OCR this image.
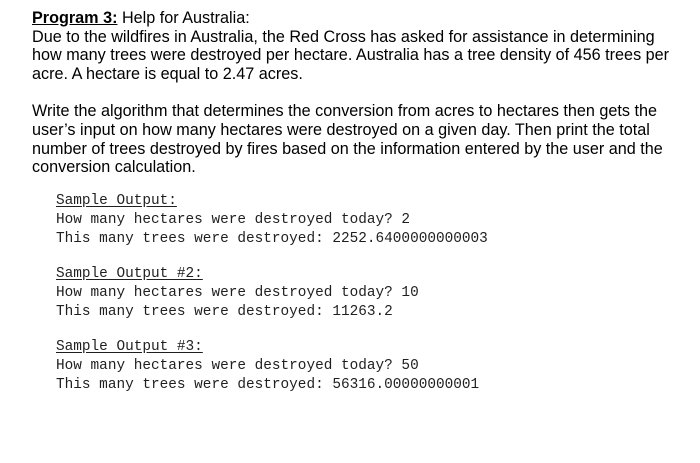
Program 3: Help for Australia:

Due to the wildfires in Australia, the Red Cross has asked for assistance in determining how many trees were destroyed per hectare. Australia has a tree density of 456 trees per acre. A hectare is equal to 2.47 acres.

Write the algorithm that determines the conversion from acres to hectares then gets the user’s input on how many hectares were destroyed on a given day. Then print the total number of trees destroyed by fires based on the information entered by the user and the conversion calculation.

Sample Output:
How many hectares were destroyed today? 2
This many trees were destroyed: 2252.6400000000003
Sample Output #2:
How many hectares were destroyed today? 10
This many trees were destroyed: 11263.2
Sample Output #3:
How many hectares were destroyed today? 50
This many trees were destroyed: 56316.00000000001
